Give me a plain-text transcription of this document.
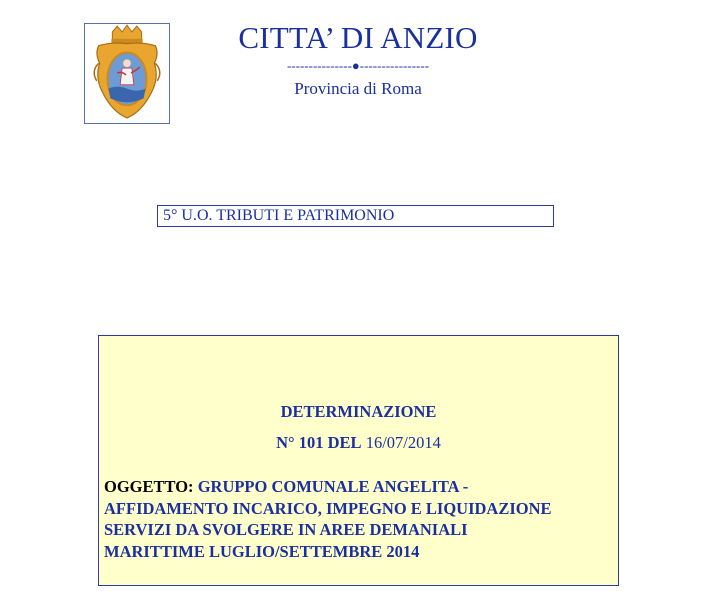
CITTA’ DI ANZIO
---------------●----------------
Provincia di Roma
5° U.O. TRIBUTI E PATRIMONIO
DETERMINAZIONE
N° 101 DEL 16/07/2014
OGGETTO: GRUPPO COMUNALE ANGELITA -
AFFIDAMENTO INCARICO, IMPEGNO E LIQUIDAZIONE
SERVIZI DA SVOLGERE IN AREE DEMANIALI
MARITTIME LUGLIO/SETTEMBRE 2014
